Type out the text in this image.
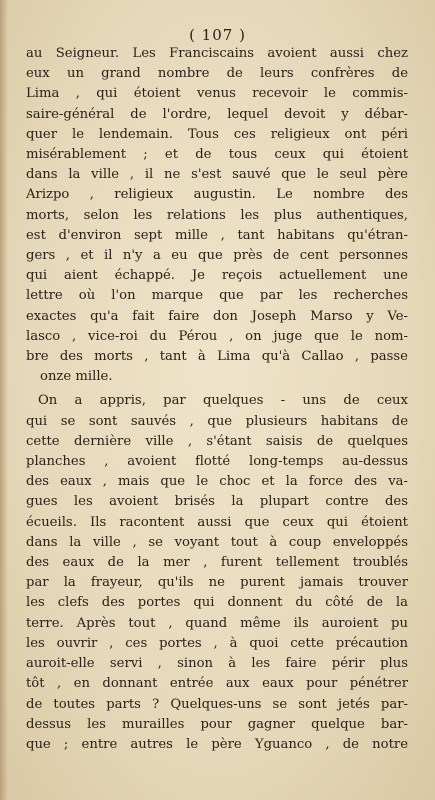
( 107 )
au Seigneur. Les Franciscains avoient aussi chez
eux un grand nombre de leurs confrères de
Lima , qui étoient venus recevoir le commis-
saire-général de l'ordre, lequel devoit y débar-
quer le lendemain. Tous ces religieux ont péri
misérablement ; et de tous ceux qui étoient
dans la ville , il ne s'est sauvé que le seul père
Arizpo , religieux augustin. Le nombre des
morts, selon les relations les plus authentiques,
est d'environ sept mille , tant habitans qu'étran-
gers , et il n'y a eu que près de cent personnes
qui aient échappé. Je reçois actuellement une
lettre où l'on marque que par les recherches
exactes qu'a fait faire don Joseph Marso y Ve-
lasco , vice-roi du Pérou , on juge que le nom-
bre des morts , tant à Lima qu'à Callao , passe
onze mille.
On a appris, par quelques - uns de ceux
qui se sont sauvés , que plusieurs habitans de
cette dernière ville , s'étant saisis de quelques
planches , avoient flotté long-temps au-dessus
des eaux , mais que le choc et la force des va-
gues les avoient brisés la plupart contre des
écueils. Ils racontent aussi que ceux qui étoient
dans la ville , se voyant tout à coup enveloppés
des eaux de la mer , furent tellement troublés
par la frayeur, qu'ils ne purent jamais trouver
les clefs des portes qui donnent du côté de la
terre. Après tout , quand même ils auroient pu
les ouvrir , ces portes , à quoi cette précaution
auroit-elle servi , sinon à les faire périr plus
tôt , en donnant entrée aux eaux pour pénétrer
de toutes parts ? Quelques-uns se sont jetés par-
dessus les murailles pour gagner quelque bar-
que ; entre autres le père Yguanco , de notre
